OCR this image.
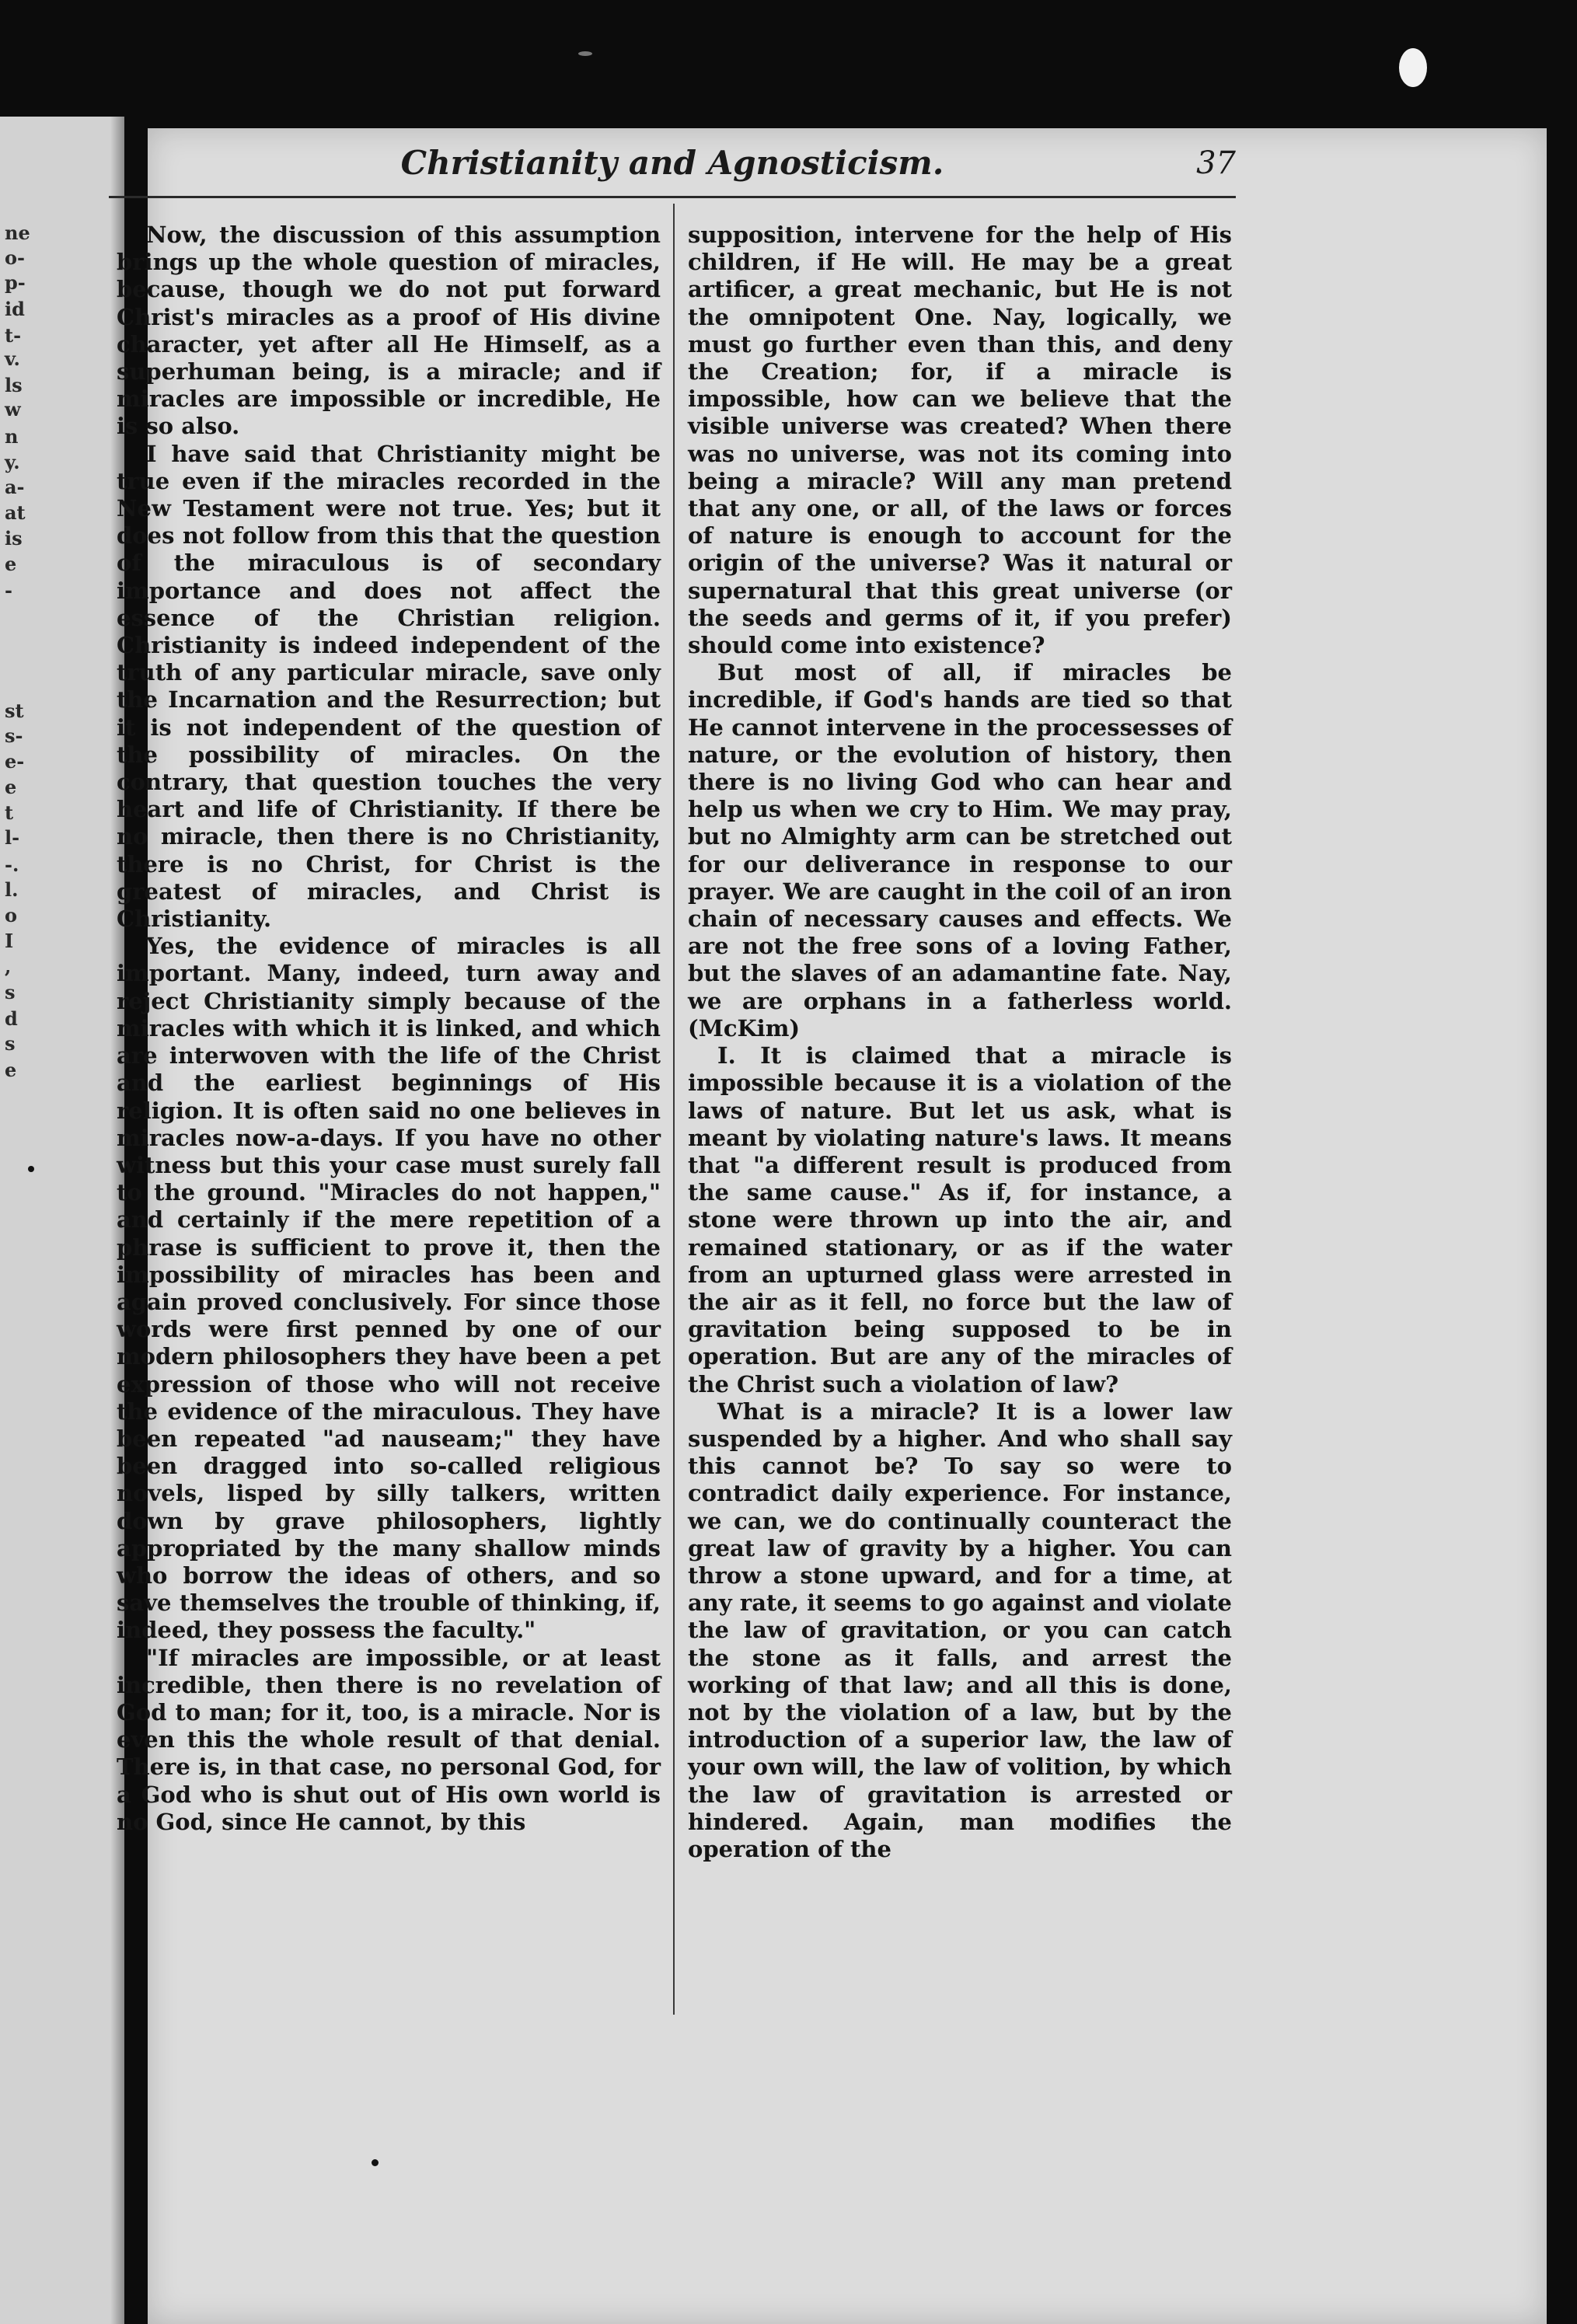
ne
o-
p-
id
t-
v.
ls
w
n
y.
a-
at
is
e
-
st
s-
e-
e
t
l-
-.
l.
o
I
,
s
d
s
e
Christianity and Agnosticism.	37

Now, the discussion of this assumption brings up the whole question of miracles, because, though we do not put forward Christ's miracles as a proof of His divine character, yet after all He Himself, as a superhuman being, is a miracle; and if miracles are impossible or incredible, He is so also.

I have said that Christianity might be true even if the miracles recorded in the New Testament were not true. Yes; but it does not follow from this that the question of the miraculous is of secondary importance and does not affect the essence of the Christian religion. Christianity is indeed independent of the truth of any particular miracle, save only the Incarnation and the Resurrection; but it is not independent of the question of the possibility of miracles. On the contrary, that question touches the very heart and life of Christianity. If there be no miracle, then there is no Christianity, there is no Christ, for Christ is the greatest of miracles, and Christ is Christianity.

Yes, the evidence of miracles is all important. Many, indeed, turn away and reject Christianity simply because of the miracles with which it is linked, and which are interwoven with the life of the Christ and the earliest beginnings of His religion. It is often said no one believes in miracles now-a-days. If you have no other witness but this your case must surely fall to the ground. "Miracles do not happen," and certainly if the mere repetition of a phrase is sufficient to prove it, then the impossibility of miracles has been and again proved conclusively. For since those words were first penned by one of our modern philosophers they have been a pet expression of those who will not receive the evidence of the miraculous. They have been repeated "ad nauseam;" they have been dragged into so-called religious novels, lisped by silly talkers, written down by grave philosophers, lightly appropriated by the many shallow minds who borrow the ideas of others, and so save themselves the trouble of thinking, if, indeed, they possess the faculty."

"If miracles are impossible, or at least incredible, then there is no revelation of God to man; for it, too, is a miracle. Nor is even this the whole result of that denial. There is, in that case, no personal God, for a God who is shut out of His own world is no God, since He cannot, by this

supposition, intervene for the help of His children, if He will. He may be a great artificer, a great mechanic, but He is not the omnipotent One. Nay, logically, we must go further even than this, and deny the Creation; for, if a miracle is impossible, how can we believe that the visible universe was created? When there was no universe, was not its coming into being a miracle? Will any man pretend that any one, or all, of the laws or forces of nature is enough to account for the origin of the universe? Was it natural or supernatural that this great universe (or the seeds and germs of it, if you prefer) should come into existence?

But most of all, if miracles be incredible, if God's hands are tied so that He cannot intervene in the processesses of nature, or the evolution of history, then there is no living God who can hear and help us when we cry to Him. We may pray, but no Almighty arm can be stretched out for our deliverance in response to our prayer. We are caught in the coil of an iron chain of necessary causes and effects. We are not the free sons of a loving Father, but the slaves of an adamantine fate. Nay, we are orphans in a fatherless world. (McKim)

I. It is claimed that a miracle is impossible because it is a violation of the laws of nature. But let us ask, what is meant by violating nature's laws. It means that "a different result is produced from the same cause." As if, for instance, a stone were thrown up into the air, and remained stationary, or as if the water from an upturned glass were arrested in the air as it fell, no force but the law of gravitation being supposed to be in operation. But are any of the miracles of the Christ such a violation of law?

What is a miracle? It is a lower law suspended by a higher. And who shall say this cannot be? To say so were to contradict daily experience. For instance, we can, we do continually counteract the great law of gravity by a higher. You can throw a stone upward, and for a time, at any rate, it seems to go against and violate the law of gravitation, or you can catch the stone as it falls, and arrest the working of that law; and all this is done, not by the violation of a law, but by the introduction of a superior law, the law of your own will, the law of volition, by which the law of gravitation is arrested or hindered. Again, man modifies the operation of the
